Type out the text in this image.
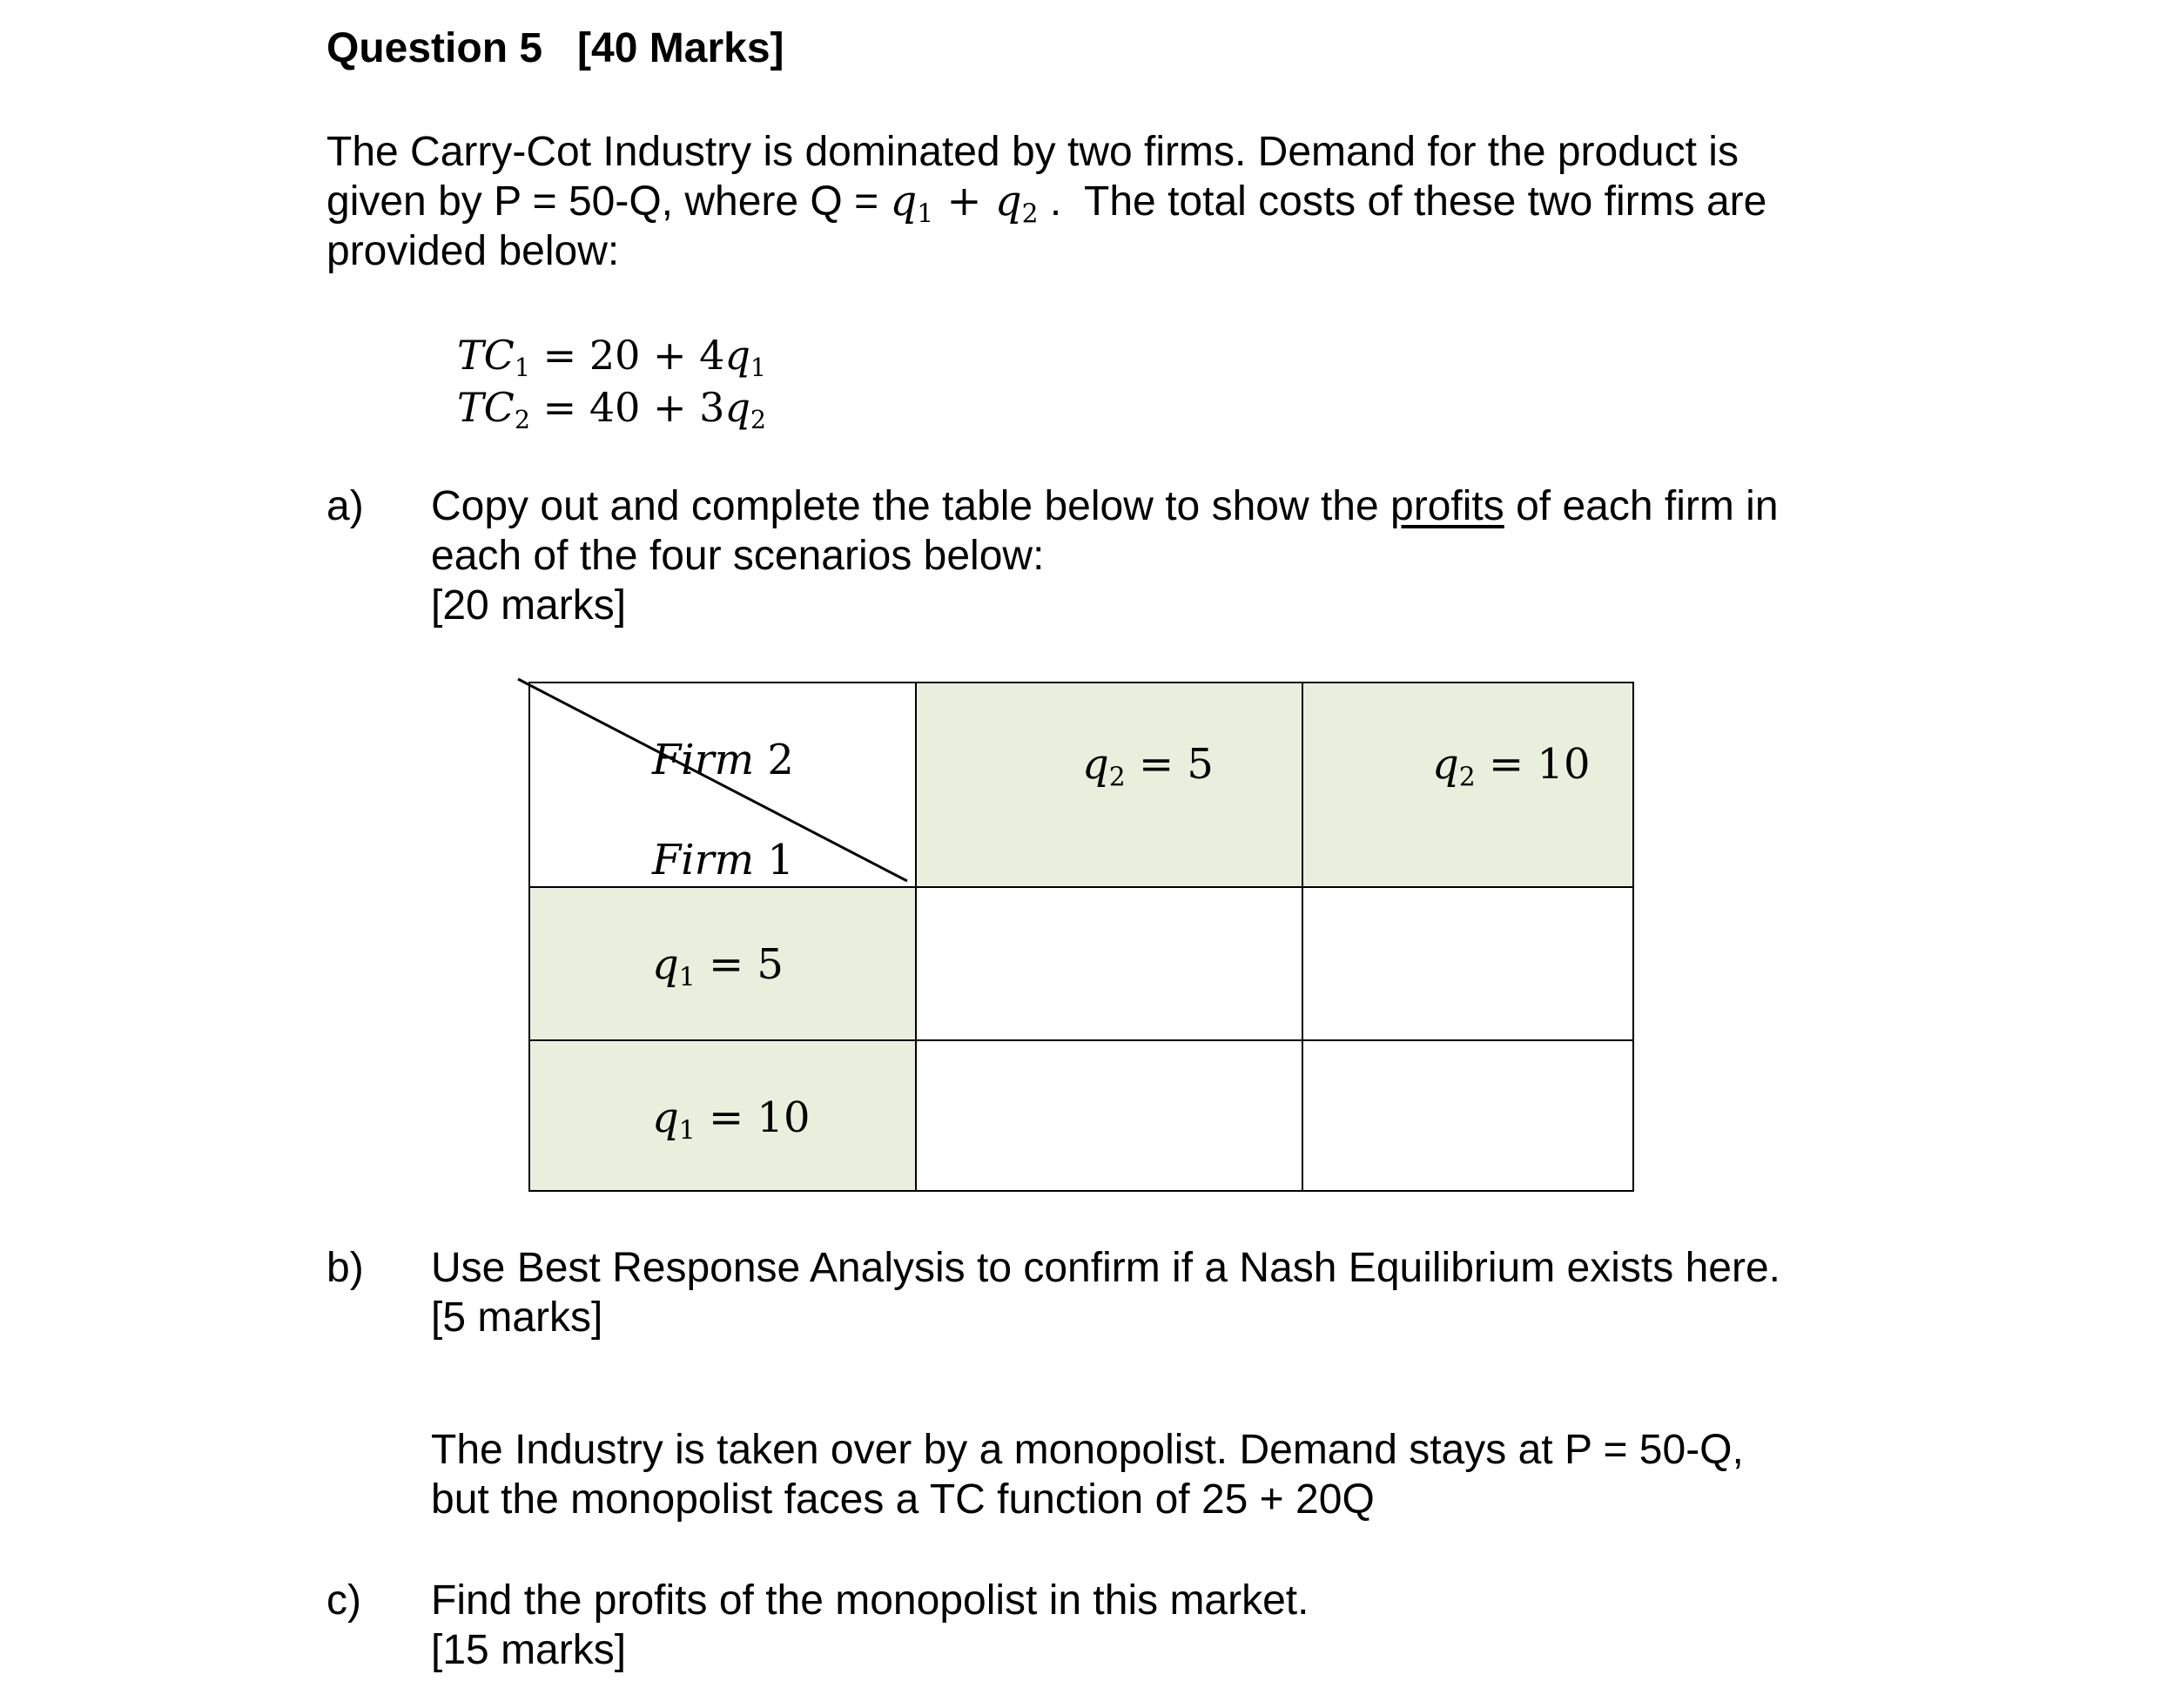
Question 5 [40 Marks]
The Carry-Cot Industry is dominated by two firms. Demand for the product is
given by P = 50-Q, where $Q = q_1 + q_2$ .  The total costs of these two firms are
provided below:
$TC_1 = 20 + 4q_1$
$TC_2 = 40 + 3q_2$
a) Copy out and complete the table below to show the profits of each firm in
each of the four scenarios below:
[20 marks]
Firm 2
Firm 1
$q_2 = 5$	$q_2 = 10$
$q_1 = 5$
$q_1 = 10$
b) Use Best Response Analysis to confirm if a Nash Equilibrium exists here.
[5 marks]
The Industry is taken over by a monopolist. Demand stays at P = 50-Q,
but the monopolist faces a TC function of 25 + 20Q
c) Find the profits of the monopolist in this market.
[15 marks]
